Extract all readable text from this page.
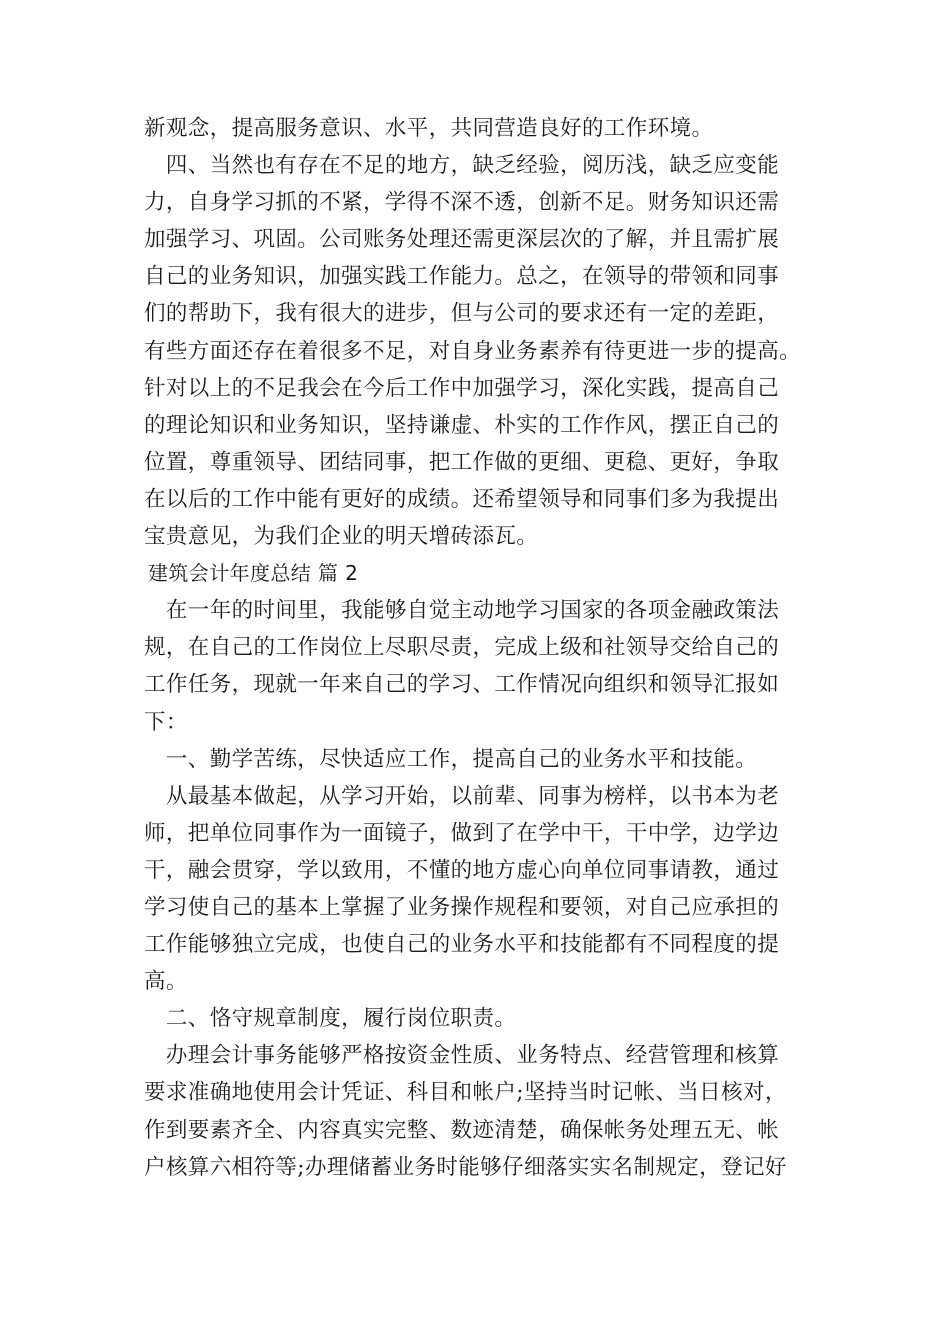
新观念，提高服务意识、水平，共同营造良好的工作环境。
　四、当然也有存在不足的地方，缺乏经验，阅历浅，缺乏应变能
力，自身学习抓的不紧，学得不深不透，创新不足。财务知识还需
加强学习、巩固。公司账务处理还需更深层次的了解，并且需扩展
自己的业务知识，加强实践工作能力。总之，在领导的带领和同事
们的帮助下，我有很大的进步，但与公司的要求还有一定的差距，
有些方面还存在着很多不足，对自身业务素养有待更进一步的提高。
针对以上的不足我会在今后工作中加强学习，深化实践，提高自己
的理论知识和业务知识，坚持谦虚、朴实的工作作风，摆正自己的
位置，尊重领导、团结同事，把工作做的更细、更稳、更好，争取
在以后的工作中能有更好的成绩。还希望领导和同事们多为我提出
宝贵意见，为我们企业的明天增砖添瓦。
建筑会计年度总结 篇 2
　在一年的时间里，我能够自觉主动地学习国家的各项金融政策法
规，在自己的工作岗位上尽职尽责，完成上级和社领导交给自己的
工作任务，现就一年来自己的学习、工作情况向组织和领导汇报如
下：
　一、勤学苦练，尽快适应工作，提高自己的业务水平和技能。
　从最基本做起，从学习开始，以前辈、同事为榜样，以书本为老
师，把单位同事作为一面镜子，做到了在学中干，干中学，边学边
干，融会贯穿，学以致用，不懂的地方虚心向单位同事请教，通过
学习使自己的基本上掌握了业务操作规程和要领，对自己应承担的
工作能够独立完成，也使自己的业务水平和技能都有不同程度的提
高。
　二、恪守规章制度，履行岗位职责。
　办理会计事务能够严格按资金性质、业务特点、经营管理和核算
要求准确地使用会计凭证、科目和帐户;坚持当时记帐、当日核对，
作到要素齐全、内容真实完整、数迹清楚，确保帐务处理五无、帐
户核算六相符等;办理储蓄业务时能够仔细落实实名制规定，登记好
